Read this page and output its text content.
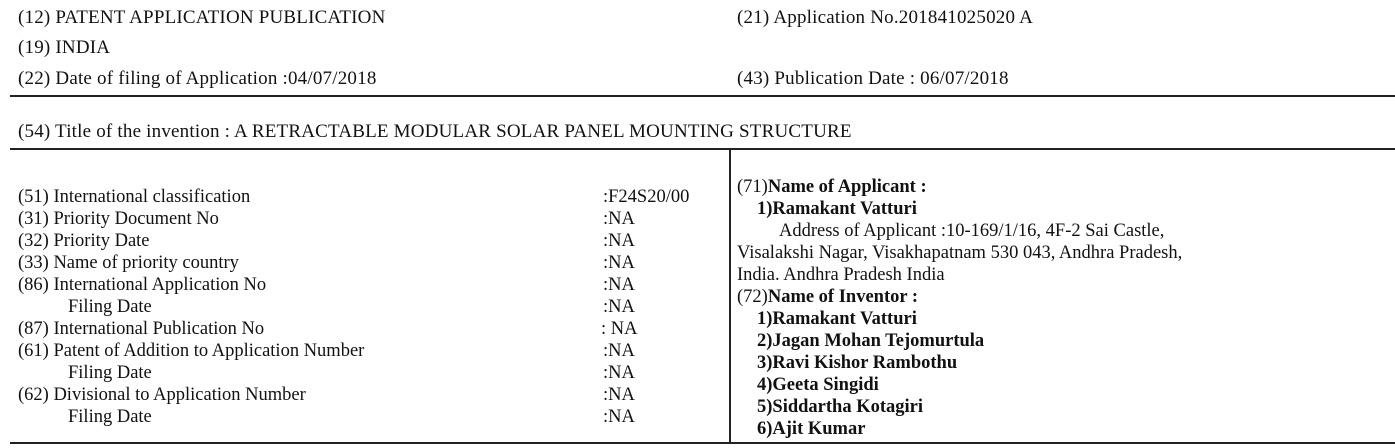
(12) PATENT APPLICATION PUBLICATION	(21) Application No.201841025020 A
(19) INDIA
(22) Date of filing of Application :04/07/2018	(43) Publication Date : 06/07/2018
(54) Title of the invention : A RETRACTABLE MODULAR SOLAR PANEL MOUNTING STRUCTURE
(51) International classification	:F24S20/00
(31) Priority Document No	:NA
(32) Priority Date	:NA
(33) Name of priority country	:NA
(86) International Application No	:NA
Filing Date	:NA
(87) International Publication No	: NA
(61) Patent of Addition to Application Number	:NA
Filing Date	:NA
(62) Divisional to Application Number	:NA
Filing Date	:NA
(71)Name of Applicant :
1)Ramakant Vatturi
Address of Applicant :10-169/1/16, 4F-2 Sai Castle,
Visalakshi Nagar, Visakhapatnam 530 043, Andhra Pradesh,
India. Andhra Pradesh India
(72)Name of Inventor :
1)Ramakant Vatturi
2)Jagan Mohan Tejomurtula
3)Ravi Kishor Rambothu
4)Geeta Singidi
5)Siddartha Kotagiri
6)Ajit Kumar
